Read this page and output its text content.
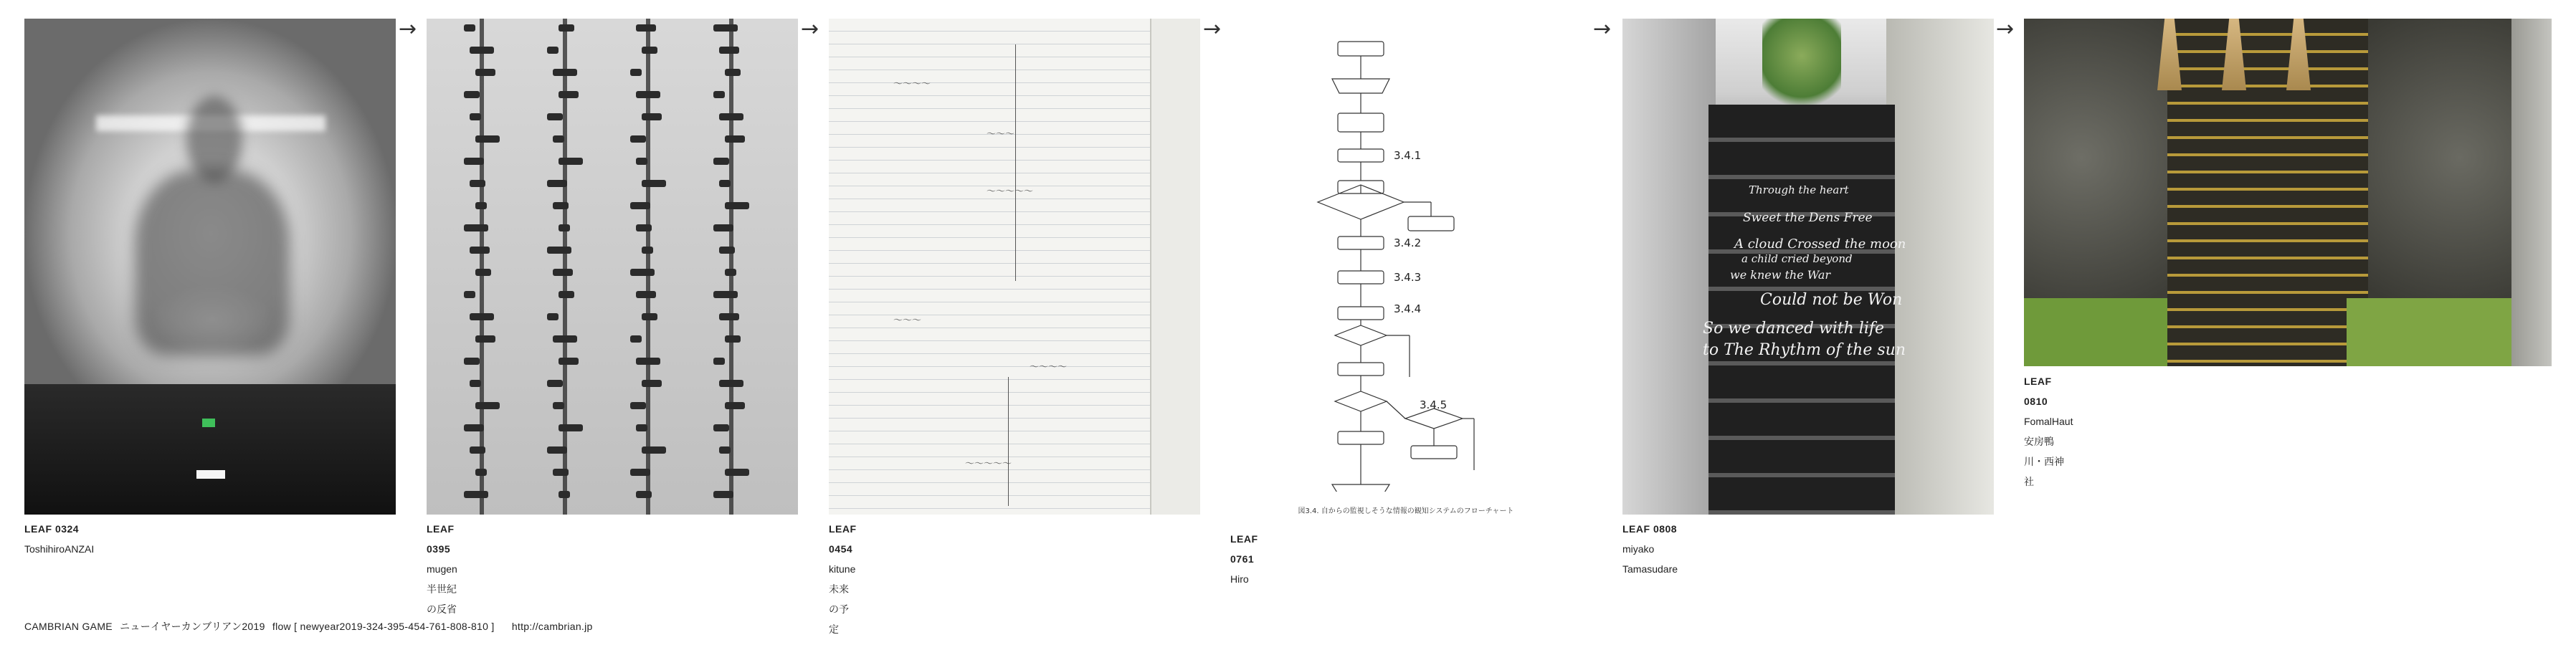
LEAF 0324
ToshihiroANZAI
→
LEAF 0395
mugen
半世紀の反省
→
〜〜〜〜
〜〜〜
〜〜〜〜〜
〜〜〜
〜〜〜〜
〜〜〜〜〜
LEAF 0454
kitune
未来の予定
→
3.4.1
3.4.2
3.4.3
3.4.4
3.4.5
図3.4. 自からの監視しそうな情報の観知システムのフローチャート
LEAF 0761
Hiro
→
Through the heart
Sweet the Dens Free
A cloud Crossed the moon
a child cried beyond
we knew the War
Could not be Won
So we danced with life
to The Rhythm of the sun
LEAF 0808
miyako Tamasudare
→
LEAF 0810
FomalHaut
安房鴨川・西神社
CAMBRIAN GAME ニューイヤーカンブリアン2019 flow [ newyear2019-324-395-454-761-808-810 ] http://cambrian.jp
